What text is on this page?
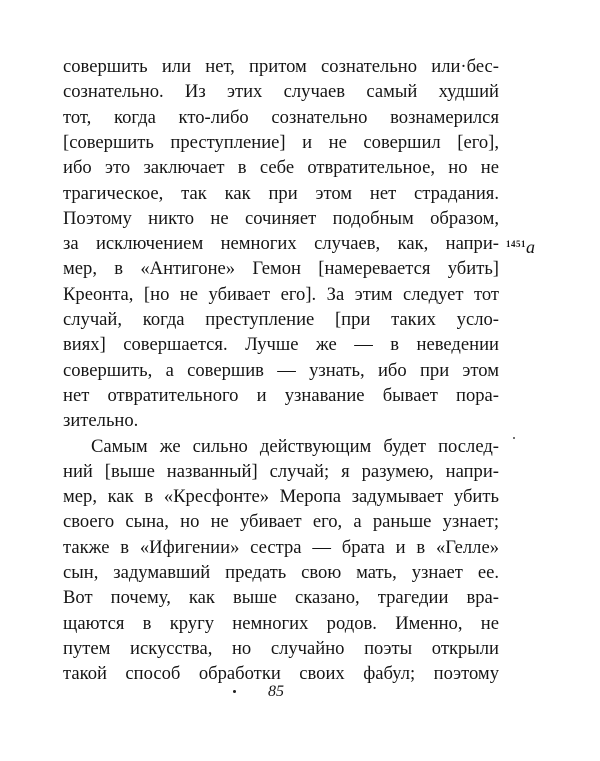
совершить или нет, притом сознательно или·бес-
сознательно. Из этих случаев самый худший
тот, когда кто-либо сознательно вознамерился
[совершить преступление] и не совершил [его],
ибо это заключает в себе отвратительное, но не
трагическое, так как при этом нет страдания.
Поэтому никто не сочиняет подобным образом,
за исключением немногих случаев, как, напри-
мер, в «Антигоне» Гемон [намеревается убить]
Креонта, [но не убивает его]. За этим следует тот
случай, когда преступление [при таких усло-
виях] совершается. Лучше же — в неведении
совершить, а совершив — узнать, ибо при этом
нет отвратительного и узнавание бывает пора-
зительно.
Самым же сильно действующим будет послед-
ний [выше названный] случай; я разумею, напри-
мер, как в «Кресфонте» Меропа задумывает убить
своего сына, но не убивает его, а раньше узнает;
также в «Ифигении» сестра — брата и в «Гелле»
сын, задумавший предать свою мать, узнает ее.
Вот почему, как выше сказано, трагедии вра-
щаются в кругу немногих родов. Именно, не
путем искусства, но случайно поэты открыли
такой способ обработки своих фабул; поэтому
$^{1451}$a
85
